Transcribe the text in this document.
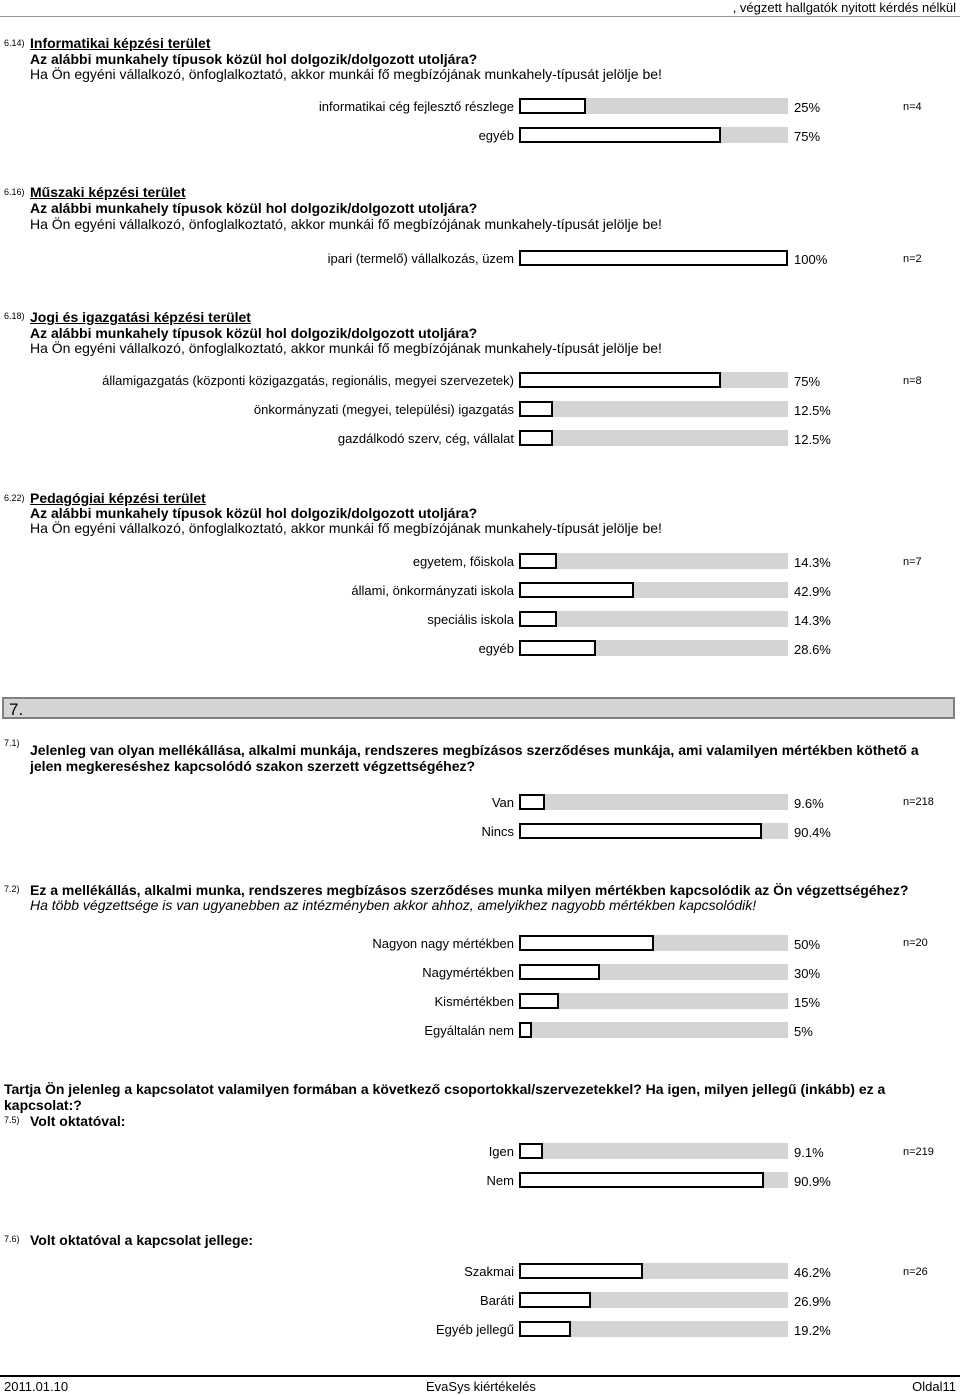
, végzett hallgatók nyitott kérdés nélkül
6.14) Informatikai képzési terület
Az alábbi munkahely típusok közül hol dolgozik/dolgozott utoljára?
Ha Ön egyéni vállalkozó, önfoglalkoztató, akkor munkái fő megbízójának munkahely-típusát jelölje be!
n=4
6.16) Műszaki képzési terület
Az alábbi munkahely típusok közül hol dolgozik/dolgozott utoljára?
Ha Ön egyéni vállalkozó, önfoglalkoztató, akkor munkái fő megbízójának munkahely-típusát jelölje be!
n=2
6.18) Jogi és igazgatási képzési terület
Az alábbi munkahely típusok közül hol dolgozik/dolgozott utoljára?
Ha Ön egyéni vállalkozó, önfoglalkoztató, akkor munkái fő megbízójának munkahely-típusát jelölje be!
n=8
6.22) Pedagógiai képzési terület
Az alábbi munkahely típusok közül hol dolgozik/dolgozott utoljára?
Ha Ön egyéni vállalkozó, önfoglalkoztató, akkor munkái fő megbízójának munkahely-típusát jelölje be!
n=7
7.
7.1) Jelenleg van olyan mellékállása, alkalmi munkája, rendszeres megbízásos szerződéses munkája, ami valamilyen mértékben köthető a jelen megkereséshez kapcsolódó szakon szerzett végzettségéhez?
n=218
7.2) Ez a mellékállás, alkalmi munka, rendszeres megbízásos szerződéses munka milyen mértékben kapcsolódik az Ön végzettségéhez?
Ha több végzettsége is van ugyanebben az intézményben akkor ahhoz, amelyikhez nagyobb mértékben kapcsolódik!
n=20
Tartja Ön jelenleg a kapcsolatot valamilyen formában a következő csoportokkal/szervezetekkel? Ha igen, milyen jellegű (inkább) ez a kapcsolat:?
7.5) Volt oktatóval:
n=219
7.6) Volt oktatóval a kapcsolat jellege:
n=26
2011.01.10	EvaSys kiértékelés	Oldal11
informatikai cég fejlesztő részlege	25%
egyéb	75%
ipari (termelő) vállalkozás, üzem	100%
államigazgatás (központi közigazgatás, regionális, megyei szervezetek)	75%
önkormányzati (megyei, települési) igazgatás	12.5%
gazdálkodó szerv, cég, vállalat	12.5%
egyetem, főiskola	14.3%
állami, önkormányzati iskola	42.9%
speciális iskola	14.3%
egyéb	28.6%
Van	9.6%
Nincs	90.4%
Nagyon nagy mértékben	50%
Nagymértékben	30%
Kismértékben	15%
Egyáltalán nem	5%
Igen	9.1%
Nem	90.9%
Szakmai	46.2%
Baráti	26.9%
Egyéb jellegű	19.2%
